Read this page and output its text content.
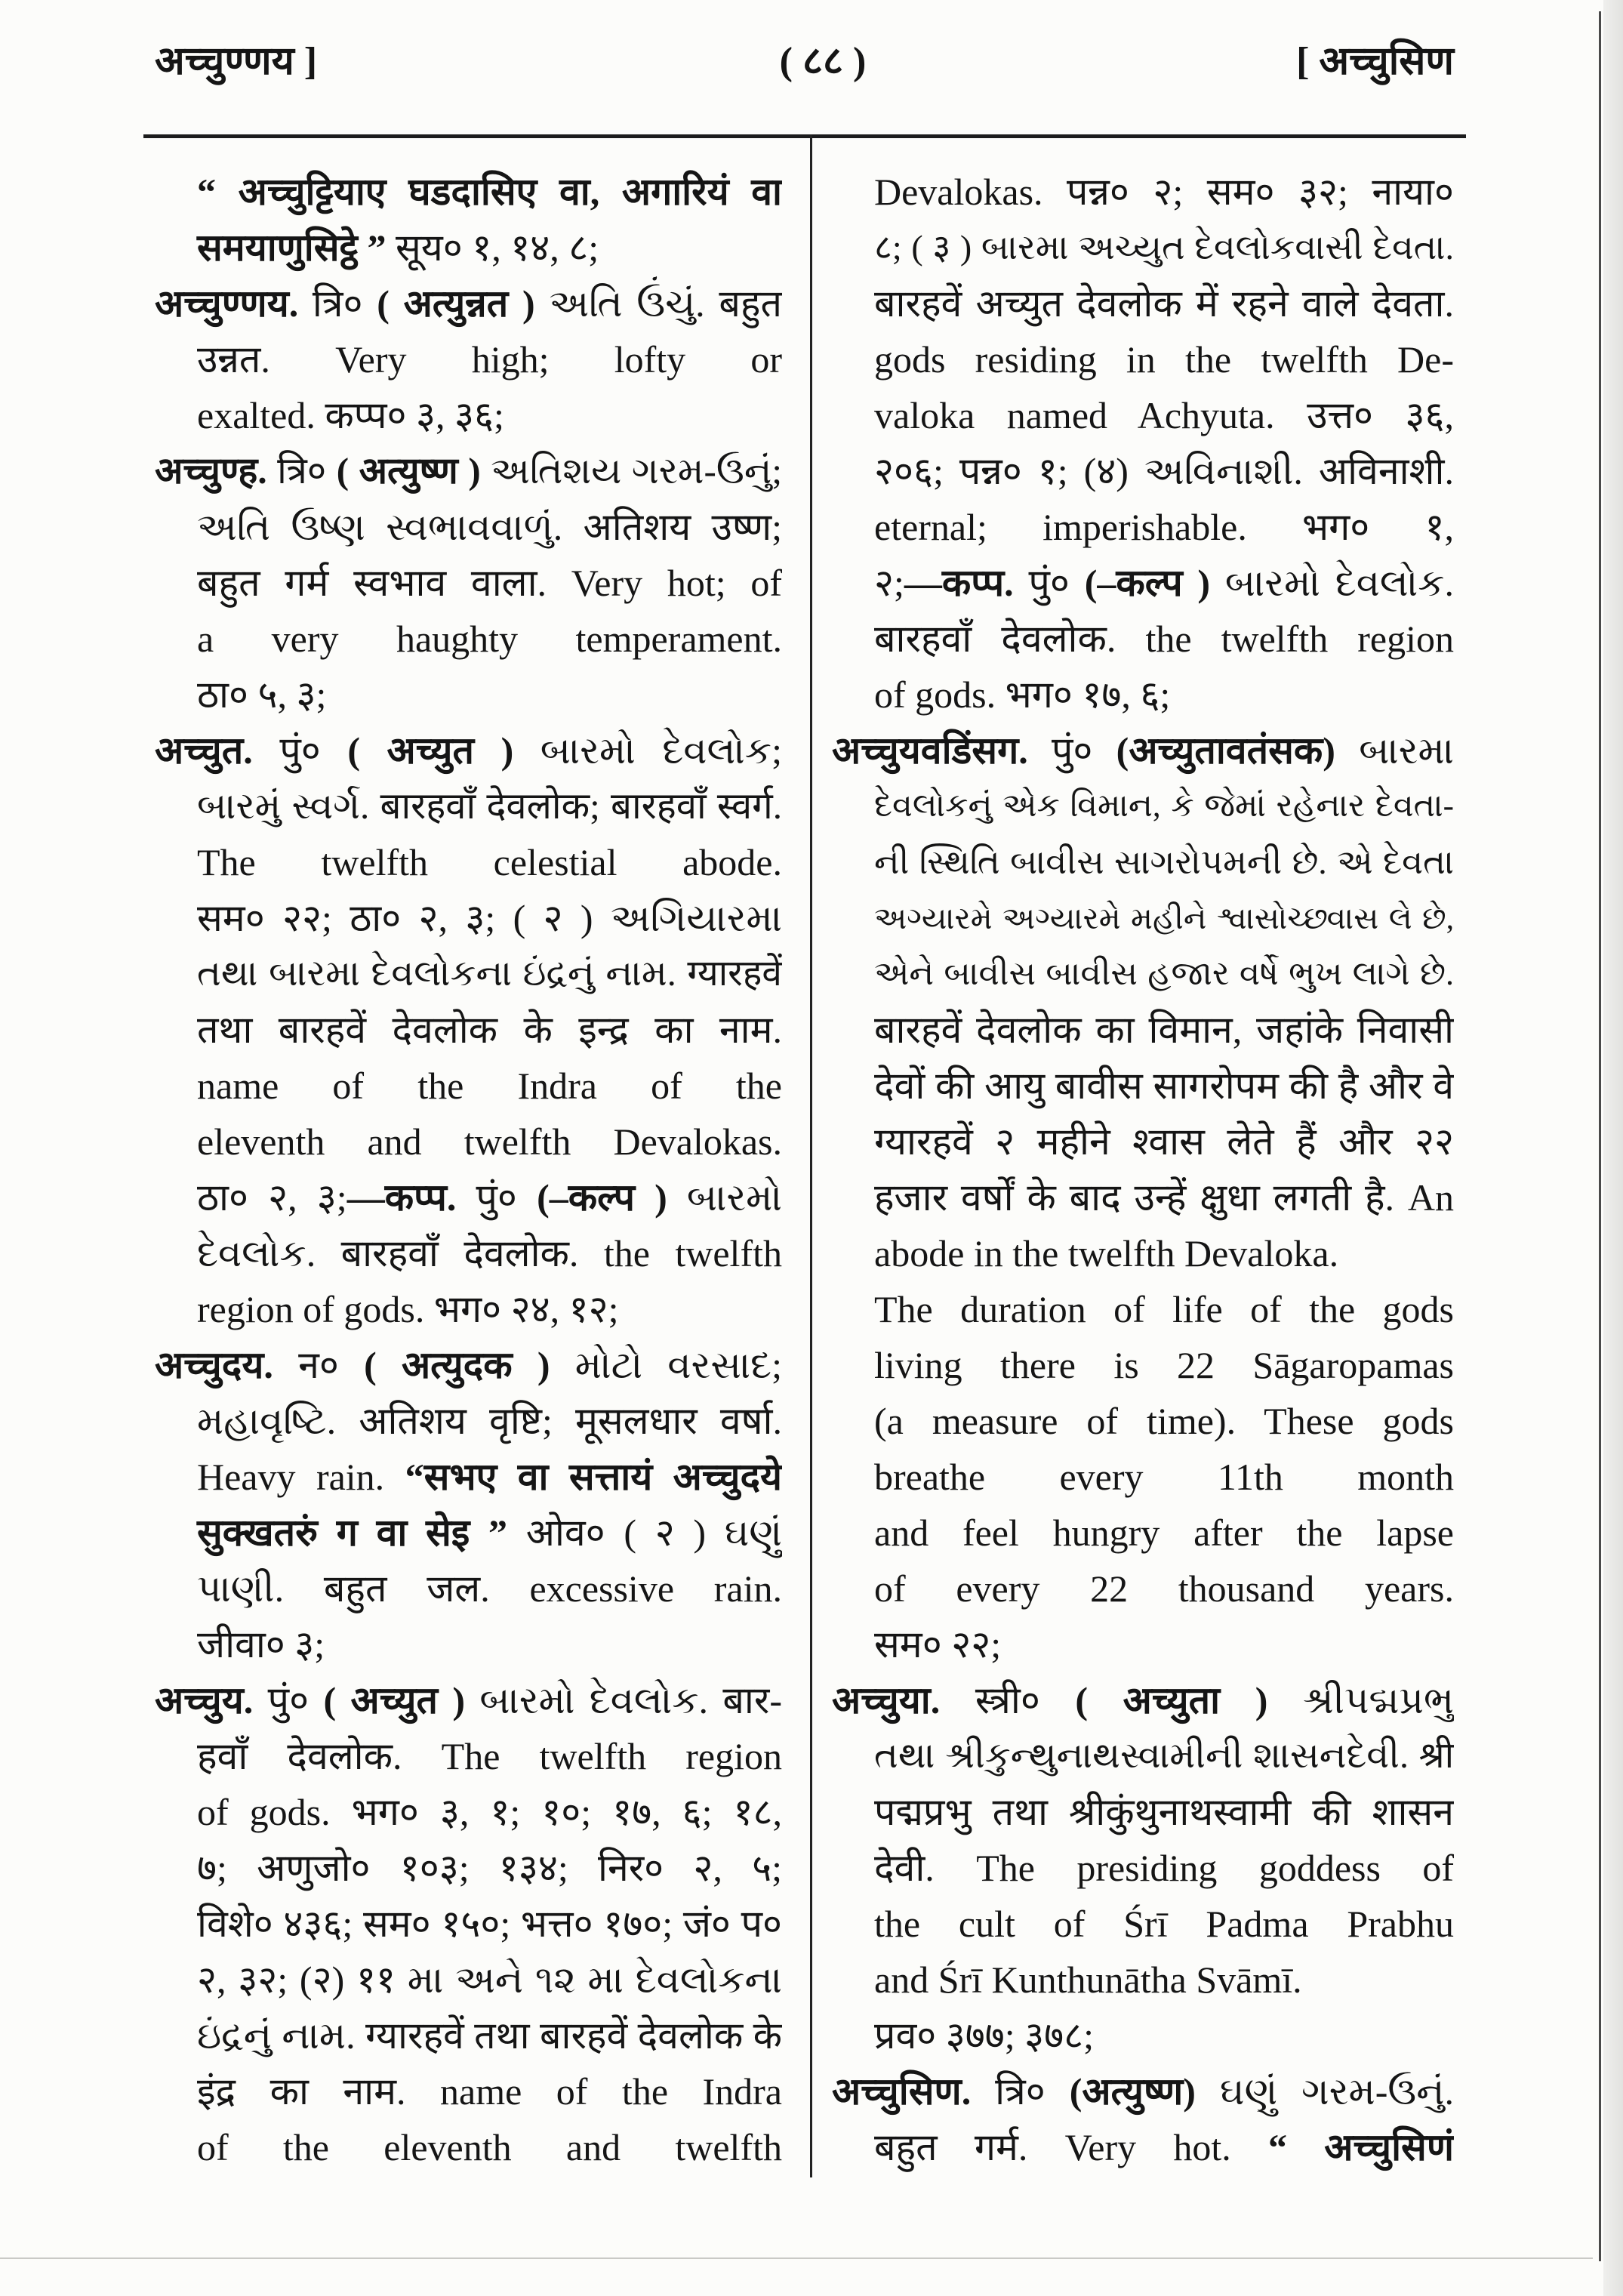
अच्चुण्णय ]	( ८८ )	[ अच्चुसिण
“ अच्चुट्टियाए घडदासिए वा, अगारियं वा
समयाणुसिट्ठे ” सूय० १, १४, ८;
अच्चुण्णय. त्रि० ( अत्युन्नत ) અતિ ઉંચું. बहुत
उन्नत. Very high; lofty or
exalted. कप्प० ३, ३६;
अच्चुण्ह. त्रि० ( अत्युष्ण ) અતિશય ગરમ-ઉનું;
અતિ ઉષ્ણ સ્વભાવવાળું. अतिशय उष्ण;
बहुत गर्म स्वभाव वाला. Very hot; of
a very haughty temperament.
ठा० ५, ३;
अच्चुत. पुं० ( अच्युत ) બારમો દેવલોક;
બારમું સ્વર્ગ. बारहवाँ देवलोक; बारहवाँ स्वर्ग.
The twelfth celestial abode.
सम० २२; ठा० २, ३; ( २ ) અગિયારમા
તથા બારમા દેવલોકના ઇંદ્રનું નામ. ग्यारहवें
तथा बारहवें देवलोक के इन्द्र का नाम.
name of the Indra of the
eleventh and twelfth Devalokas.
ठा० २, ३;—कप्प. पुं० (–कल्प ) બારમો
દેવલોક. बारहवाँ देवलोक. the twelfth
region of gods. भग० २४, १२;
अच्चुदय. न० ( अत्युदक ) મોટો વરસાદ;
મહાવૃષ્ટિ. अतिशय वृष्टि; मूसलधार वर्षा.
Heavy rain. “सभए वा सत्तायं अच्चुदये
सुक्खतरुं ग वा सेइ ” ओव० ( २ ) ઘણું
પાણી. बहुत जल. excessive rain.
जीवा० ३;
अच्चुय. पुं० ( अच्युत ) બારમો દેવલોક. बार-
हवाँ देवलोक. The twelfth region
of gods. भग० ३, १; १०; १७, ६; १८,
७; अणुजो० १०३; १३४; निर० २, ५;
विशे० ४३६; सम० १५०; भत्त० १७०; जं० प०
२, ३२; (२) ११ મા અને ૧૨ મા દેવલોકના
ઇંદ્રનું નામ. ग्यारहवें तथा बारहवें देवलोक के
इंद्र का नाम. name of the Indra
of the eleventh and twelfth
Devalokas. पन्न० २; सम० ३२; नाया०
८; ( ३ ) બારમા અચ્યુત દેવલોકવાસી દેવતા.
बारहवें अच्युत देवलोक में रहने वाले देवता.
gods residing in the twelfth De-
valoka named Achyuta. उत्त० ३६,
२०६; पन्न० १; (४) અવિનાશી. अविनाशी.
eternal; imperishable. भग० १,
२;—कप्प. पुं० (–कल्प ) બારમો દેવલોક.
बारहवाँ देवलोक. the twelfth region
of gods. भग० १७, ६;
अच्चुयवडिंसग. पुं० (अच्युतावतंसक) બારમા
દેવલોકનું એક વિમાન, કે જેમાં રહેનાર દેવતા-
ની સ્થિતિ બાવીસ સાગરોપમની છે. એ દેવતા
અગ્યારમે અગ્યારમે મહીને શ્વાસોચ્છ્વાસ લે છે,
એને બાવીસ બાવીસ હજાર વર્ષે ભુખ લાગે છે.
बारहवें देवलोक का विमान, जहांके निवासी
देवों की आयु बावीस सागरोपम की है और वे
ग्यारहवें २ महीने श्वास लेते हैं और २२
हजार वर्षों के बाद उन्हें क्षुधा लगती है. An
abode in the twelfth Devaloka.
The duration of life of the gods
living there is 22 Sāgaropamas
(a measure of time). These gods
breathe every 11th month
and feel hungry after the lapse
of every 22 thousand years.
सम० २२;
अच्चुया. स्त्री० ( अच्युता ) શ્રીપદ્મપ્રભુ
તથા શ્રીકુન્થુનાથસ્વામીની શાસનદેવી. श्री
पद्मप्रभु तथा श्रीकुंथुनाथस्वामी की शासन
देवी. The presiding goddess of
the cult of Śrī Padma Prabhu
and Śrī Kunthunātha Svāmī.
प्रव० ३७७; ३७८;
अच्चुसिण. त्रि० (अत्युष्ण) ઘણું ગરમ-ઉનું.
बहुत गर्म. Very hot. “ अच्चुसिणं
